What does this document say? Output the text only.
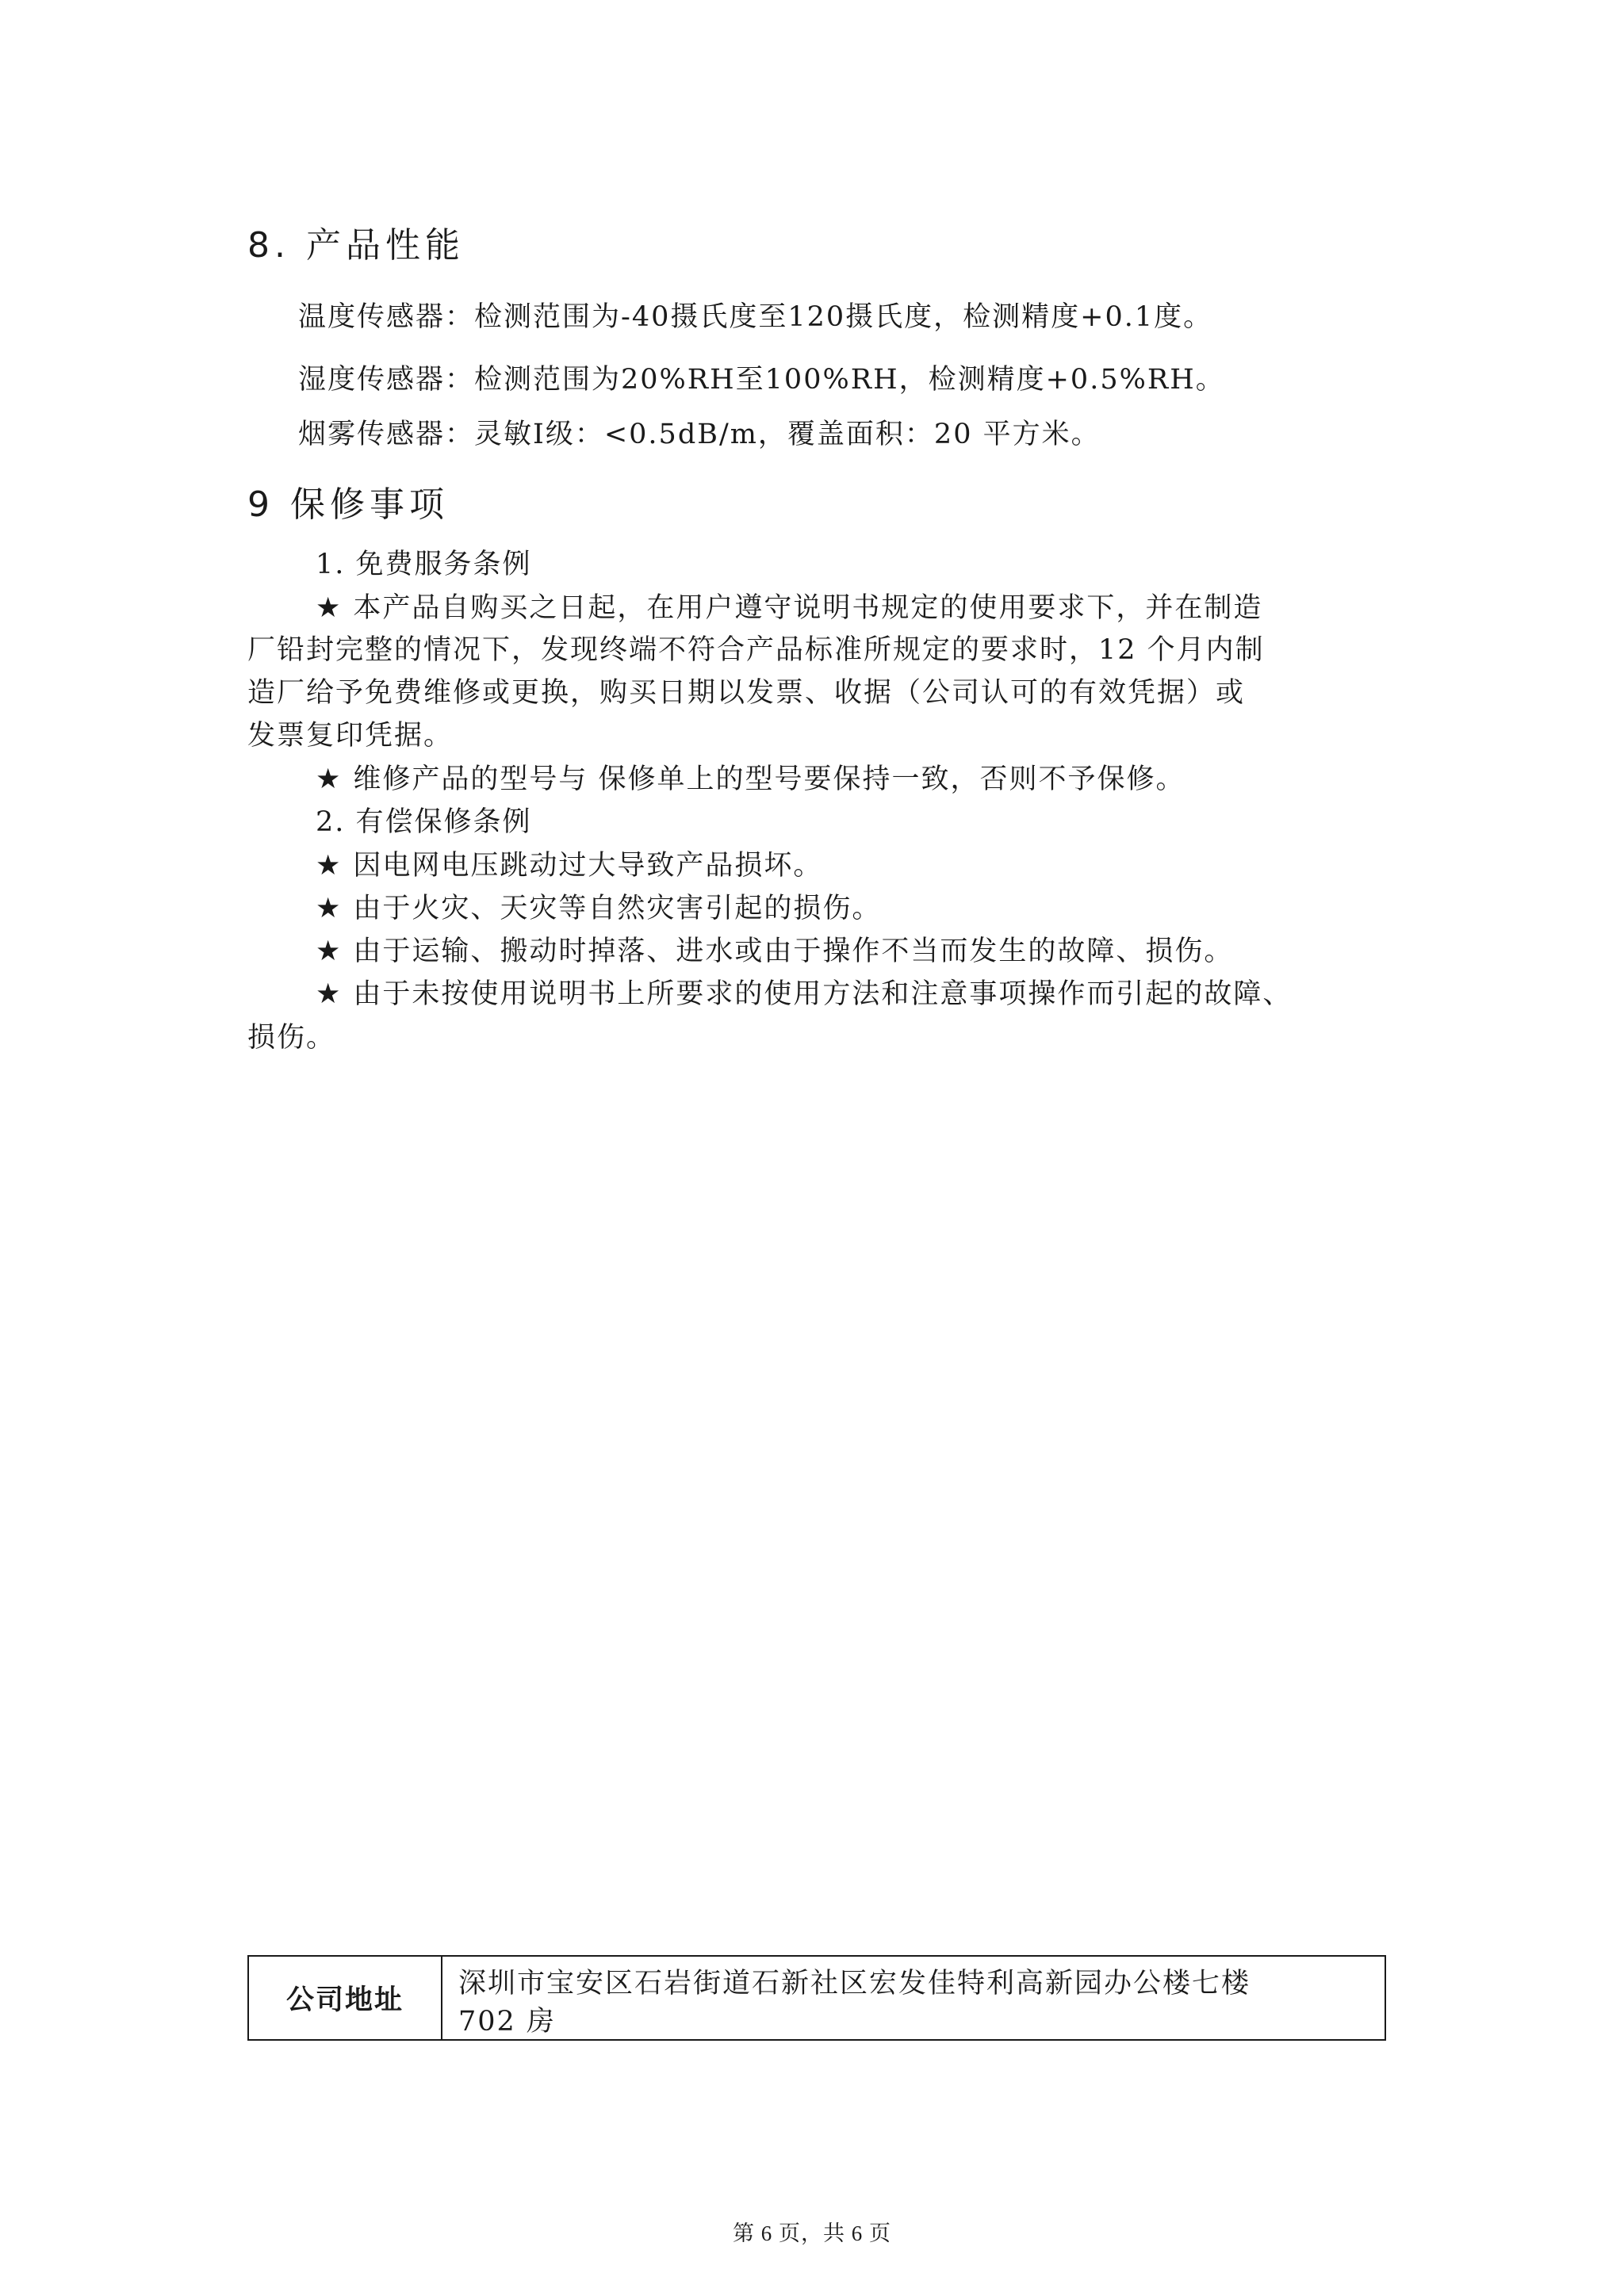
8. 产品性能
温度传感器：检测范围为-40摄氏度至120摄氏度，检测精度+0.1度。
湿度传感器：检测范围为20%RH至100%RH，检测精度+0.5%RH。
烟雾传感器：灵敏Ⅰ级：<0.5dB/m，覆盖面积：20 平方米。
9 保修事项
1. 免费服务条例
★ 本产品自购买之日起，在用户遵守说明书规定的使用要求下，并在制造
厂铅封完整的情况下，发现终端不符合产品标准所规定的要求时，12 个月内制
造厂给予免费维修或更换，购买日期以发票、收据（公司认可的有效凭据）或
发票复印凭据。
★ 维修产品的型号与 保修单上的型号要保持一致，否则不予保修。
2. 有偿保修条例
★ 因电网电压跳动过大导致产品损坏。
★ 由于火灾、天灾等自然灾害引起的损伤。
★ 由于运输、搬动时掉落、进水或由于操作不当而发生的故障、损伤。
★ 由于未按使用说明书上所要求的使用方法和注意事项操作而引起的故障、
损伤。
公司地址
深圳市宝安区石岩街道石新社区宏发佳特利高新园办公楼七楼
702 房
第 6 页，共 6 页
